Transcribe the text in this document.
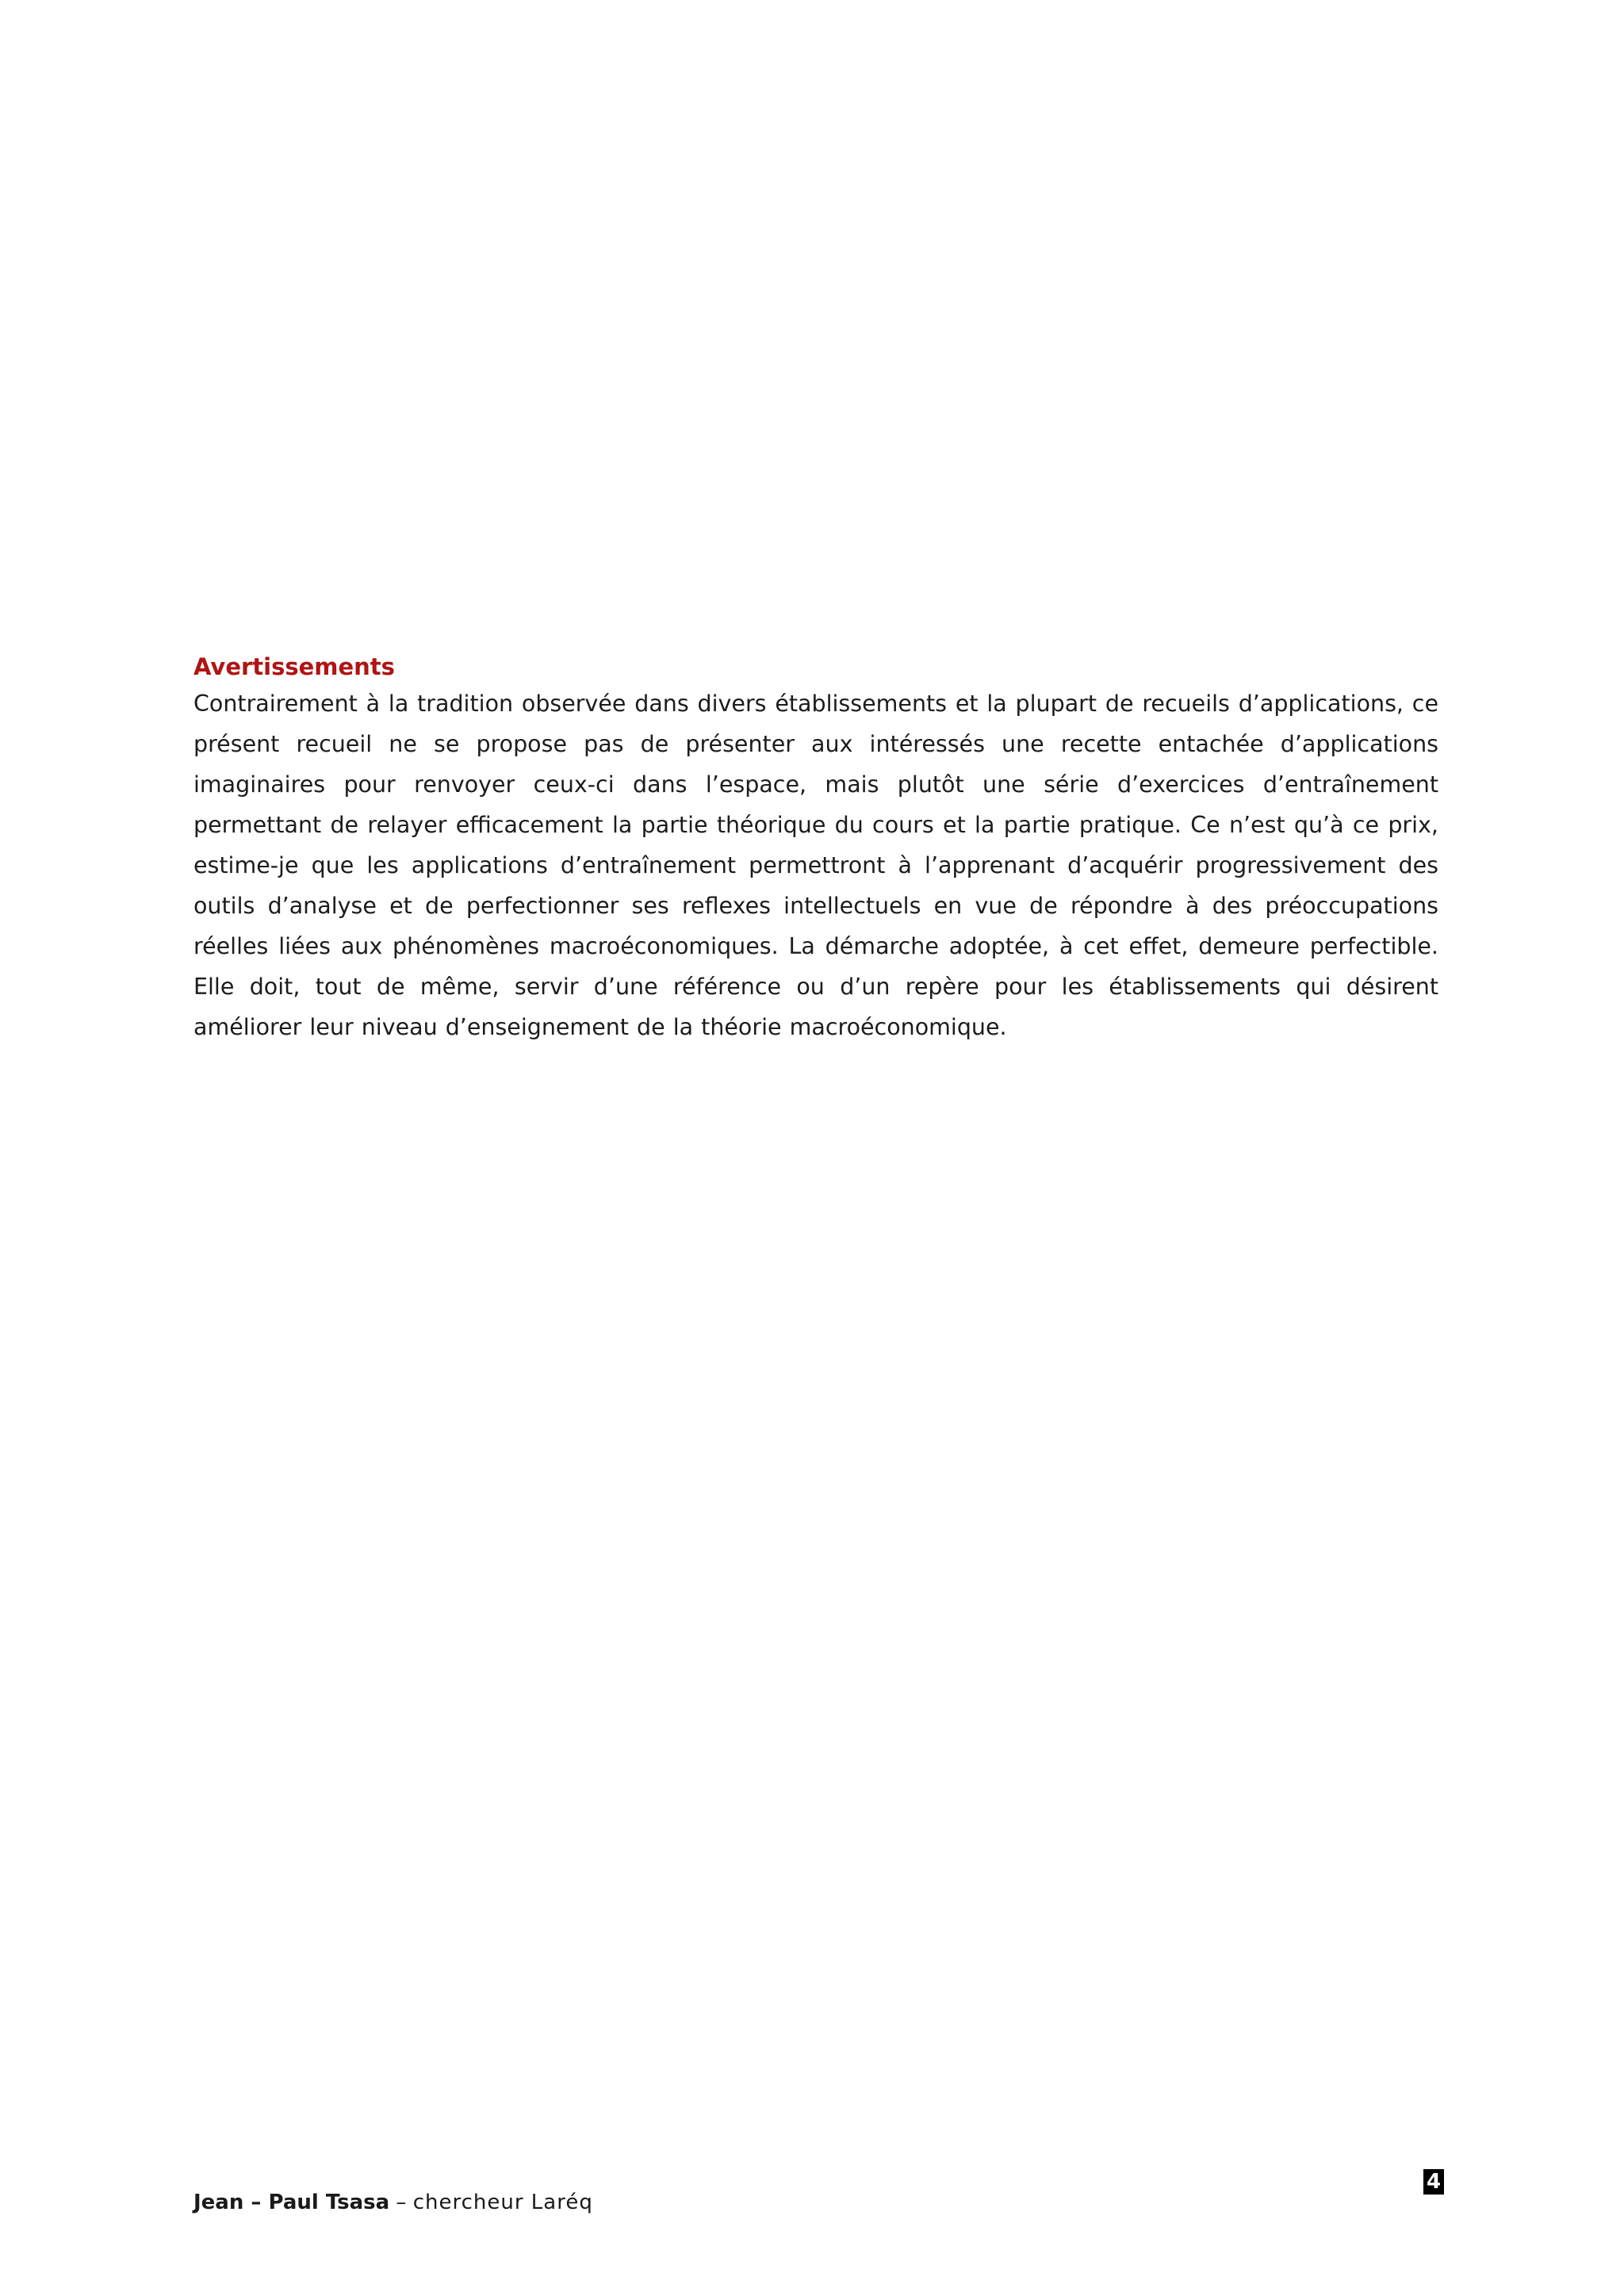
Avertissements

Contrairement à la tradition observée dans divers établissements et la plupart de recueils d’applications, ce présent recueil ne se propose pas de présenter aux intéressés une recette entachée d’applications imaginaires pour renvoyer ceux-ci dans l’espace, mais plutôt une série d’exercices d’entraînement permettant de relayer efficacement la partie théorique du cours et la partie pratique. Ce n’est qu’à ce prix, estime-je que les applications d’entraînement permettront à l’apprenant d’acquérir progressivement des outils d’analyse et de perfectionner ses reflexes intellectuels en vue de répondre à des préoccupations réelles liées aux phénomènes macroéconomiques. La démarche adoptée, à cet effet, demeure perfectible. Elle doit, tout de même, servir d’une référence ou d’un repère pour les établissements qui désirent améliorer leur niveau d’enseignement de la théorie macroéconomique.

4
Jean – Paul Tsasa – chercheur Laréq
